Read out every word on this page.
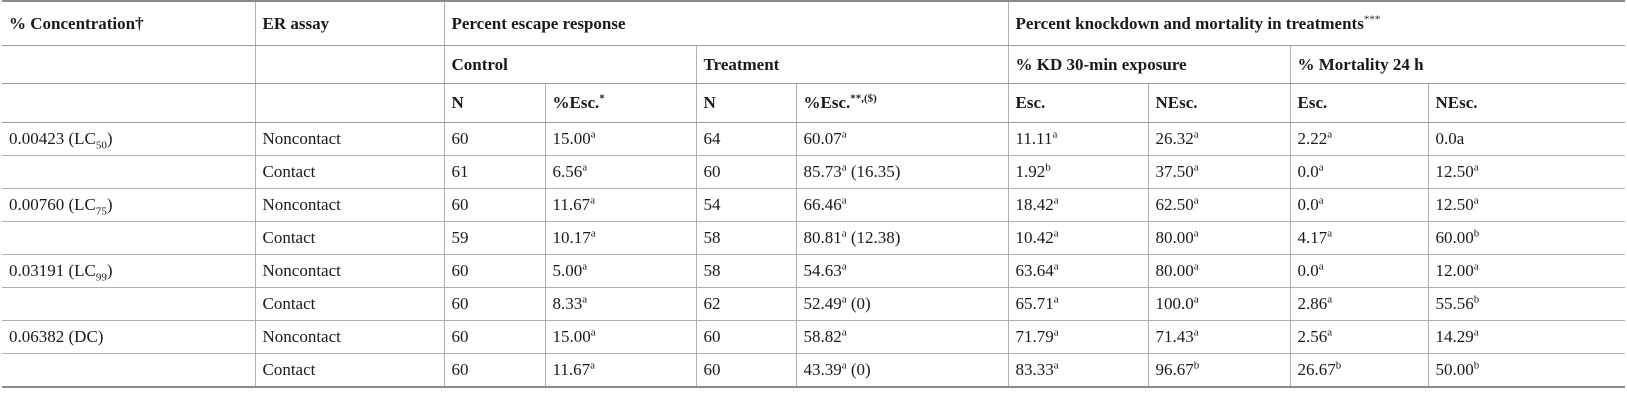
% Concentration†	ER assay	Percent escape response				Percent knockdown and mortality in treatments***
		Control		Treatment		% KD 30-min exposure		% Mortality 24 h	
		N	%Esc.*	N	%Esc.**,($)	Esc.	NEsc.	Esc.	NEsc.
0.00423 $(LC_{50})$	Noncontact	60	15.00$^a$	64	60.07$^a$	11.11$^a$	26.32$^a$	2.22$^a$	0.0a
	Contact	61	6.56$^a$	60	85.73$^a$ (16.35)	1.92$^b$	37.50$^a$	0.0$^a$	12.50$^a$
0.00760 $(LC_{75})$	Noncontact	60	11.67$^a$	54	66.46$^a$	18.42$^a$	62.50$^a$	0.0$^a$	12.50$^a$
	Contact	59	10.17$^a$	58	80.81$^a$ (12.38)	10.42$^a$	80.00$^a$	4.17$^a$	60.00$^b$
0.03191 $(LC_{99})$	Noncontact	60	5.00$^a$	58	54.63$^a$	63.64$^a$	80.00$^a$	0.0$^a$	12.00$^a$
	Contact	60	8.33$^a$	62	52.49$^a$ (0)	65.71$^a$	100.0$^a$	2.86$^a$	55.56$^b$
0.06382 (DC)	Noncontact	60	15.00$^a$	60	58.82$^a$	71.79$^a$	71.43$^a$	2.56$^a$	14.29$^a$
	Contact	60	11.67$^a$	60	43.39$^a$ (0)	83.33$^a$	96.67$^b$	26.67$^b$	50.00$^b$
